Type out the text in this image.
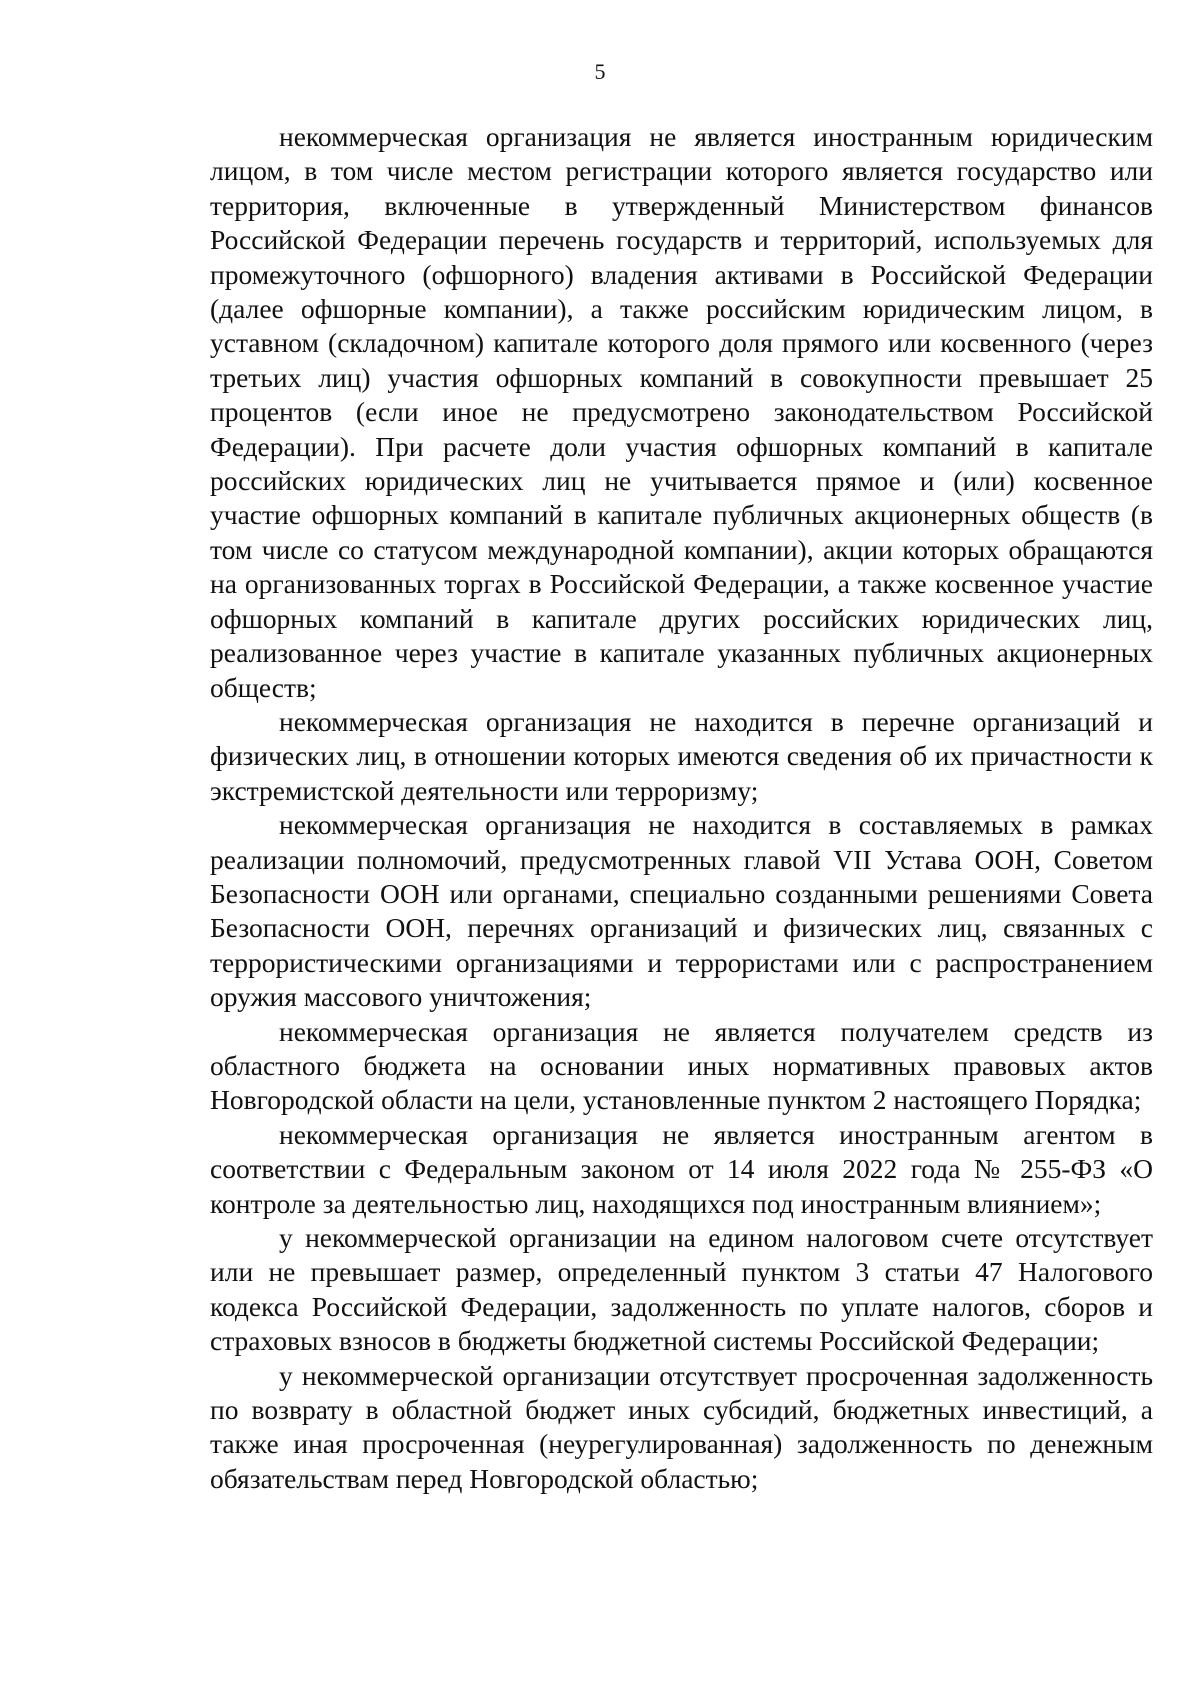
5

некоммерческая организация не является иностранным юридическим лицом, в том числе местом регистрации которого является государство или территория, включенные в утвержденный Министерством финансов Российской Федерации перечень государств и территорий, используемых для промежуточного (офшорного) владения активами в Российской Федерации (далее офшорные компании), а также российским юридическим лицом, в уставном (складочном) капитале которого доля прямого или косвенного (через третьих лиц) участия офшорных компаний в совокупности превышает 25 процентов (если иное не предусмотрено законодательством Российской Федерации). При расчете доли участия офшорных компаний в капитале российских юридических лиц не учитывается прямое и (или) косвенное участие офшорных компаний в капитале публичных акционерных обществ (в том числе со статусом международной компании), акции которых обращаются на организованных торгах в Российской Федерации, а также косвенное участие офшорных компаний в капитале других российских юридических лиц, реализованное через участие в капитале указанных публичных акционерных обществ;

некоммерческая организация не находится в перечне организаций и физических лиц, в отношении которых имеются сведения об их причастности к экстремистской деятельности или терроризму;

некоммерческая организация не находится в составляемых в рамках реализации полномочий, предусмотренных главой VII Устава ООН, Советом Безопасности ООН или органами, специально созданными решениями Совета Безопасности ООН, перечнях организаций и физических лиц, связанных с террористическими организациями и террористами или с распространением оружия массового уничтожения;

некоммерческая организация не является получателем средств из областного бюджета на основании иных нормативных правовых актов Новгородской области на цели, установленные пунктом 2 настоящего Порядка;

некоммерческая организация не является иностранным агентом в соответствии с Федеральным законом от 14 июля 2022 года № 255-ФЗ «О контроле за деятельностью лиц, находящихся под иностранным влиянием»;

у некоммерческой организации на едином налоговом счете отсутствует или не превышает размер, определенный пунктом 3 статьи 47 Налогового кодекса Российской Федерации, задолженность по уплате налогов, сборов и страховых взносов в бюджеты бюджетной системы Российской Федерации;

у некоммерческой организации отсутствует просроченная задолженность по возврату в областной бюджет иных субсидий, бюджетных инвестиций, а также иная просроченная (неурегулированная) задолженность по денежным обязательствам перед Новгородской областью;
